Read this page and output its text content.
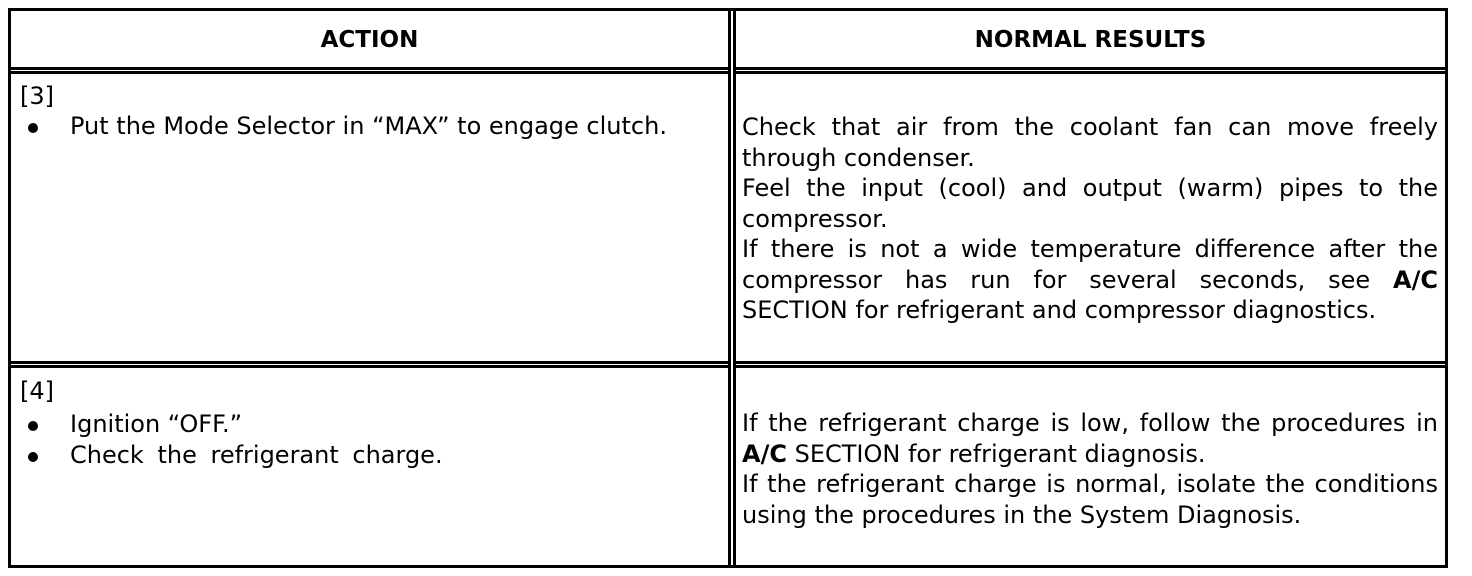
ACTION	NORMAL RESULTS
[3]
Put the Mode Selector in “MAX” to engage clutch.	Check that air from the coolant fan can move freely through condenser.
Feel the input (cool) and output (warm) pipes to the compressor.
If there is not a wide temperature difference after the compressor has run for several seconds, see A/C SECTION for refrigerant and compressor diagnostics.
[4]
Ignition “OFF.”
Check the refrigerant charge.
If the refrigerant charge is low, follow the procedures in A/C SECTION for refrigerant diagnosis.
If the refrigerant charge is normal, isolate the conditions using the procedures in the System Diagnosis.
